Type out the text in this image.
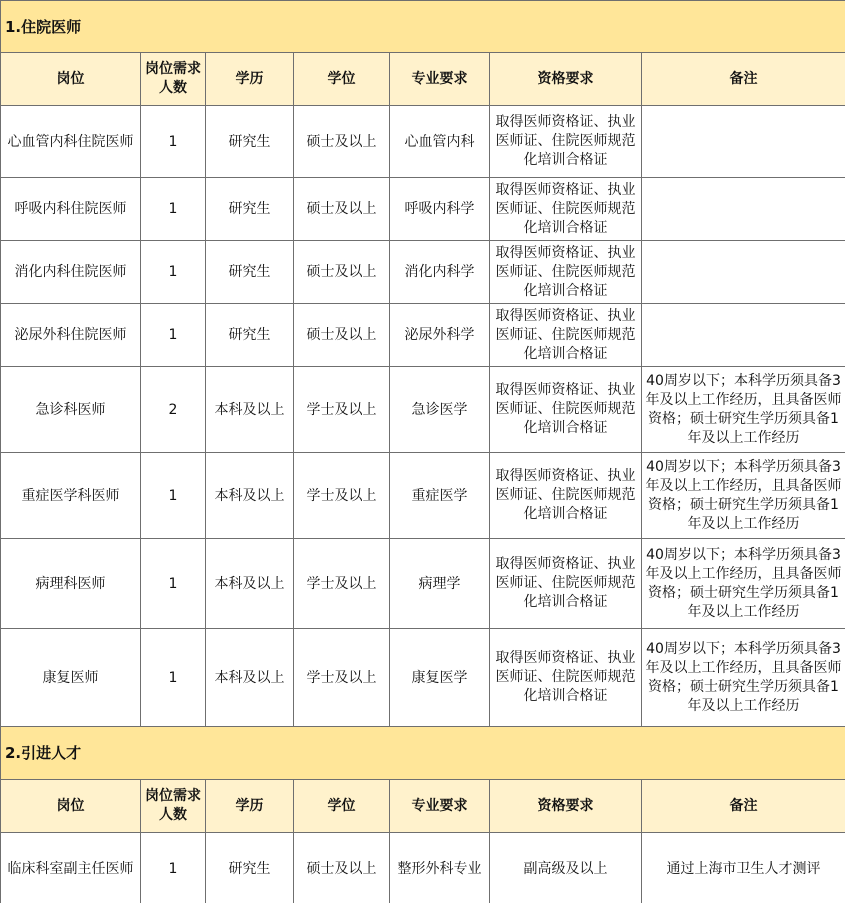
1.住院医师						
岗位	岗位需求人数	学历	学位	专业要求	资格要求	备注
心血管内科住院医师	1	研究生	硕士及以上	心血管内科	取得医师资格证、执业医师证、住院医师规范化培训合格证	
呼吸内科住院医师	1	研究生	硕士及以上	呼吸内科学	取得医师资格证、执业医师证、住院医师规范化培训合格证	
消化内科住院医师	1	研究生	硕士及以上	消化内科学	取得医师资格证、执业医师证、住院医师规范化培训合格证	
泌尿外科住院医师	1	研究生	硕士及以上	泌尿外科学	取得医师资格证、执业医师证、住院医师规范化培训合格证	
急诊科医师	2	本科及以上	学士及以上	急诊医学	取得医师资格证、执业医师证、住院医师规范化培训合格证	40周岁以下；本科学历须具备3年及以上工作经历，且具备医师资格；硕士研究生学历须具备1年及以上工作经历
重症医学科医师	1	本科及以上	学士及以上	重症医学	取得医师资格证、执业医师证、住院医师规范化培训合格证	40周岁以下；本科学历须具备3年及以上工作经历，且具备医师资格；硕士研究生学历须具备1年及以上工作经历
病理科医师	1	本科及以上	学士及以上	病理学	取得医师资格证、执业医师证、住院医师规范化培训合格证	40周岁以下；本科学历须具备3年及以上工作经历，且具备医师资格；硕士研究生学历须具备1年及以上工作经历
康复医师	1	本科及以上	学士及以上	康复医学	取得医师资格证、执业医师证、住院医师规范化培训合格证	40周岁以下；本科学历须具备3年及以上工作经历，且具备医师资格；硕士研究生学历须具备1年及以上工作经历
2.引进人才						
岗位	岗位需求人数	学历	学位	专业要求	资格要求	备注
临床科室副主任医师	1	研究生	硕士及以上	整形外科专业	副高级及以上	通过上海市卫生人才测评
